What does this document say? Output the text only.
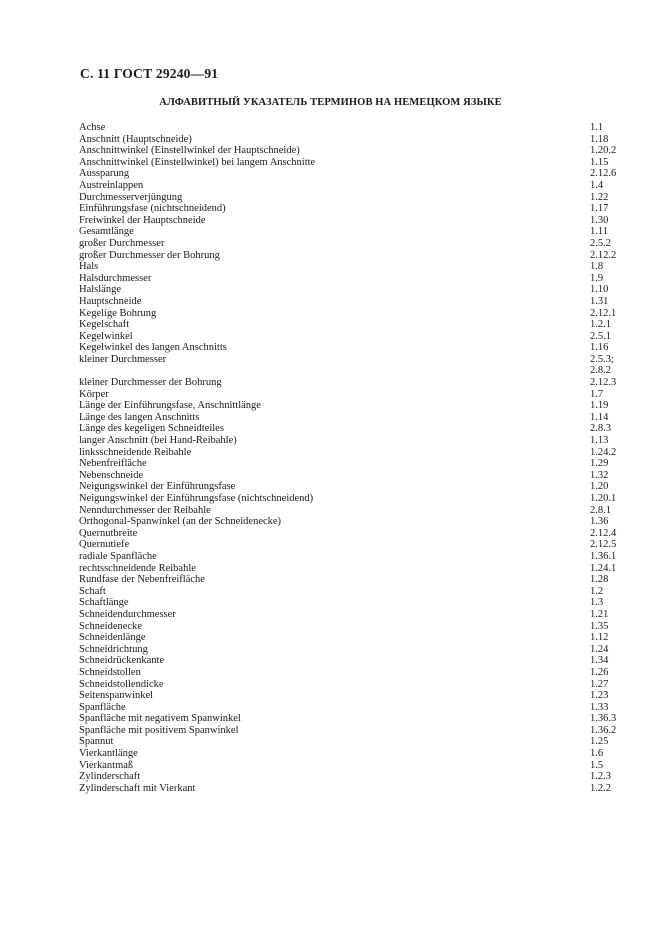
С. 11 ГОСТ 29240—91
АЛФАВИТНЫЙ УКАЗАТЕЛЬ ТЕРМИНОВ НА НЕМЕЦКОМ ЯЗЫКЕ
Achse	1.1
Anschnitt (Hauptschneide)	1.18
Anschnittwinkel (Einstellwinkel der Hauptschneide)	1.20.2
Anschnittwinkel (Einstellwinkel) bei langem Anschnitte	1.15
Aussparung	2.12.6
Austreinlappen	1.4
Durchmesserverjüngung	1.22
Einführungsfase (nichtschneidend)	1.17
Freiwinkel der Hauptschneide	1.30
Gesamtlänge	1.11
großer Durchmesser	2.5.2
großer Durchmesser der Bohrung	2.12.2
Hals	1.8
Halsdurchmesser	1.9
Halslänge	1.10
Hauptschneide	1.31
Kegelige Bohrung	2.12.1
Kegelschaft	1.2.1
Kegelwinkel	2.5.1
Kegelwinkel des langen Anschnitts	1.16
kleiner Durchmesser	2.5.3;
2.8.2
kleiner Durchmesser der Bohrung	2.12.3
Körper	1.7
Länge der Einführungsfase, Anschnittlänge	1.19
Länge des langen Anschnitts	1.14
Länge des kegeligen Schneidteiles	2.8.3
langer Anschnitt (bei Hand-Reibahle)	1.13
linksschneidende Reibahle	1.24.2
Nebenfreifläche	1.29
Nebenschneide	1.32
Neigungswinkel der Einführungsfase	1.20
Neigungswinkel der Einführungsfase (nichtschneidend)	1.20.1
Nenndurchmesser der Reibahle	2.8.1
Orthogonal-Spanwinkel (an der Schneidenecke)	1.36
Quernutbreite	2.12.4
Quernutiefe	2.12.5
radiale Spanfläche	1.36.1
rechtsschneidende Reibahle	1.24.1
Rundfase der Nebenfreifläche	1.28
Schaft	1.2
Schaftlänge	1.3
Schneidendurchmesser	1.21
Schneidenecke	1.35
Schneidenlänge	1.12
Schneidrichtung	1.24
Schneidrückenkante	1.34
Schneidstollen	1.26
Schneidstollendicke	1.27
Seitenspanwinkel	1.23
Spanfläche	1.33
Spanfläche mit negativem Spanwinkel	1.36.3
Spanfläche mit positivem Spanwinkel	1.36.2
Spannut	1.25
Vierkantlänge	1.6
Vierkantmaß	1.5
Zylinderschaft	1.2.3
Zylinderschaft mit Vierkant	1.2.2
